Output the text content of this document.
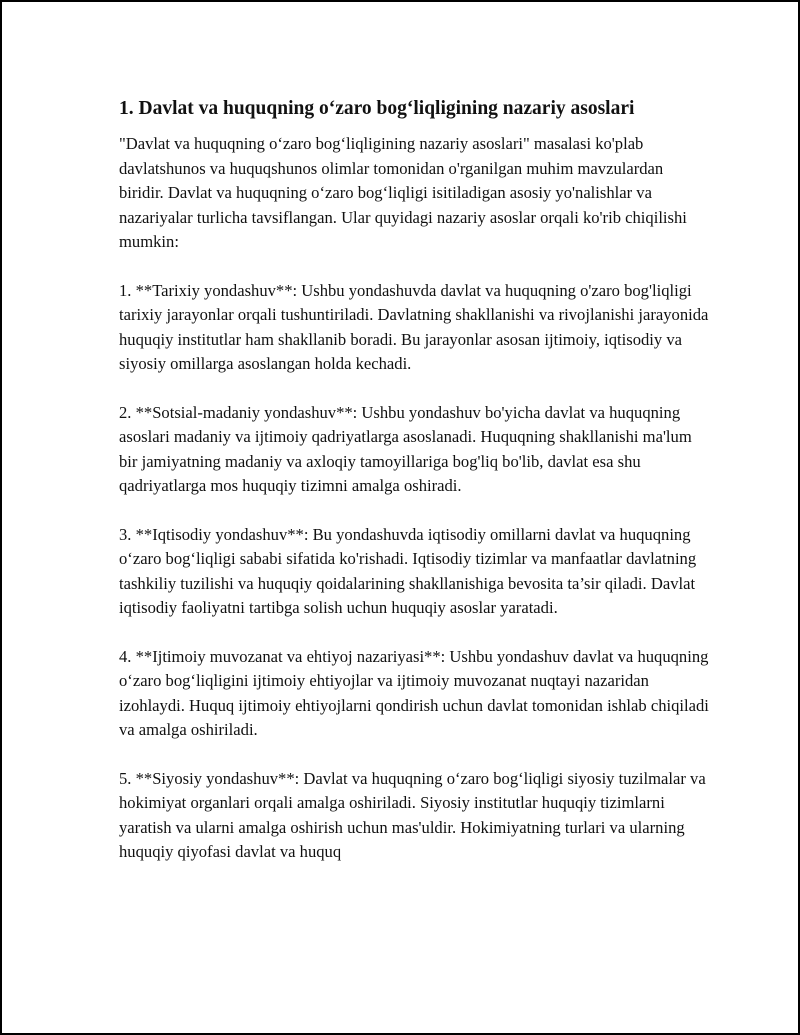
1. Davlat va huquqning o‘zaro bog‘liqligining nazariy asoslari

"Davlat va huquqning o‘zaro bog‘liqligining nazariy asoslari" masalasi ko'plab davlatshunos va huquqshunos olimlar tomonidan o'rganilgan muhim mavzulardan biridir. Davlat va huquqning o‘zaro bog‘liqligi isitiladigan asosiy yo'nalishlar va nazariyalar turlicha tavsiflangan. Ular quyidagi nazariy asoslar orqali ko'rib chiqilishi mumkin:

1. **Tarixiy yondashuv**: Ushbu yondashuvda davlat va huquqning o'zaro bog'liqligi tarixiy jarayonlar orqali tushuntiriladi. Davlatning shakllanishi va rivojlanishi jarayonida huquqiy institutlar ham shakllanib boradi. Bu jarayonlar asosan ijtimoiy, iqtisodiy va siyosiy omillarga asoslangan holda kechadi.

2. **Sotsial-madaniy yondashuv**: Ushbu yondashuv bo'yicha davlat va huquqning asoslari madaniy va ijtimoiy qadriyatlarga asoslanadi. Huquqning shakllanishi ma'lum bir jamiyatning madaniy va axloqiy tamoyillariga bog'liq bo'lib, davlat esa shu qadriyatlarga mos huquqiy tizimni amalga oshiradi.

3. **Iqtisodiy yondashuv**: Bu yondashuvda iqtisodiy omillarni davlat va huquqning o‘zaro bog‘liqligi sababi sifatida ko'rishadi. Iqtisodiy tizimlar va manfaatlar davlatning tashkiliy tuzilishi va huquqiy qoidalarining shakllanishiga bevosita ta’sir qiladi. Davlat iqtisodiy faoliyatni tartibga solish uchun huquqiy asoslar yaratadi.

4. **Ijtimoiy muvozanat va ehtiyoj nazariyasi**: Ushbu yondashuv davlat va huquqning o‘zaro bog‘liqligini ijtimoiy ehtiyojlar va ijtimoiy muvozanat nuqtayi nazaridan izohlaydi. Huquq ijtimoiy ehtiyojlarni qondirish uchun davlat tomonidan ishlab chiqiladi va amalga oshiriladi.

5. **Siyosiy yondashuv**: Davlat va huquqning o‘zaro bog‘liqligi siyosiy tuzilmalar va hokimiyat organlari orqali amalga oshiriladi. Siyosiy institutlar huquqiy tizimlarni yaratish va ularni amalga oshirish uchun mas'uldir. Hokimiyatning turlari va ularning huquqiy qiyofasi davlat va huquq
